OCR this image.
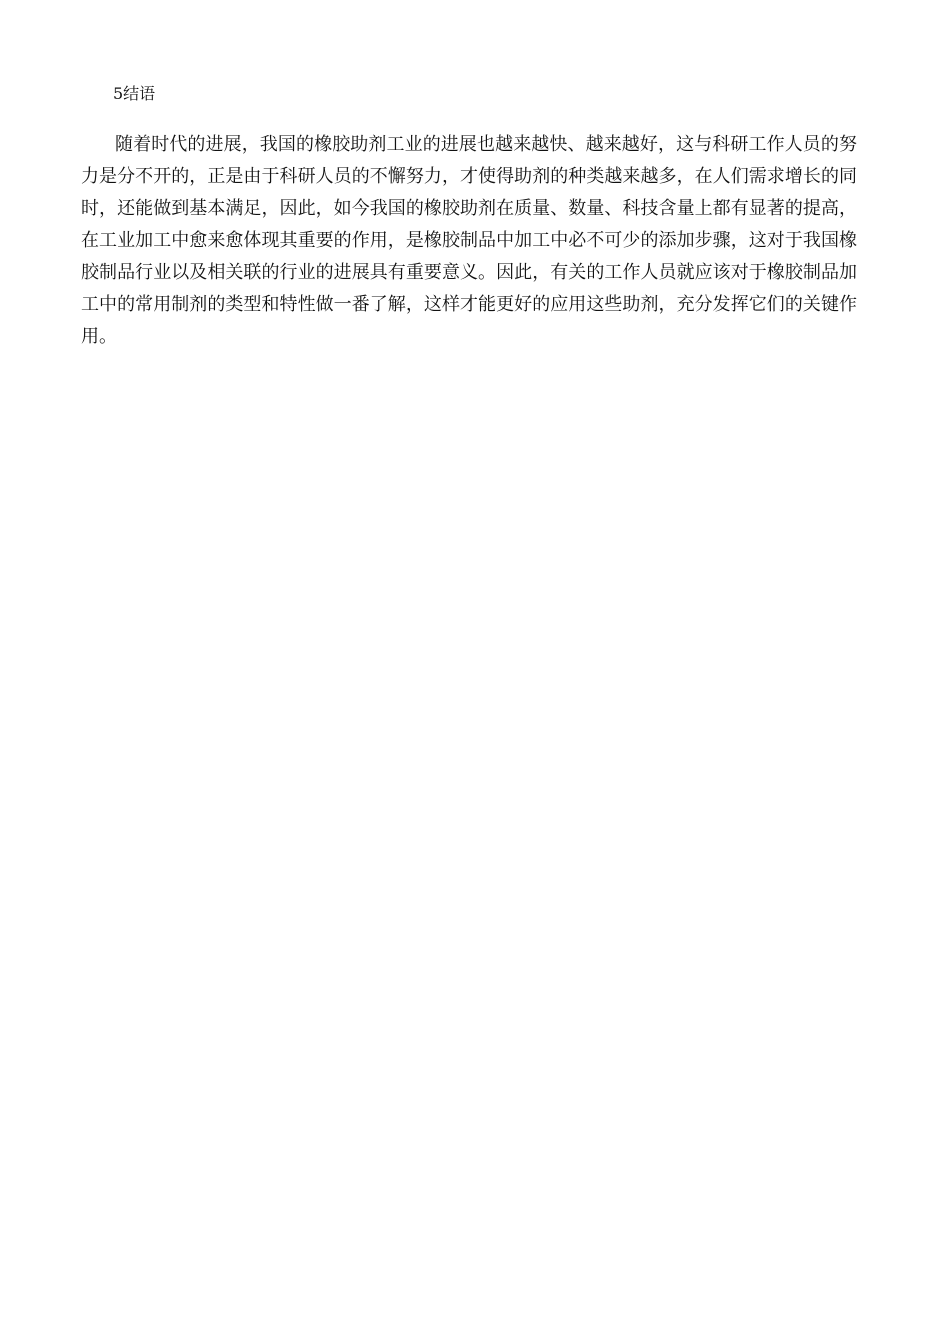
5结语

随着时代的进展，我国的橡胶助剂工业的进展也越来越快、越来越好，这与科研工作人员的努力是分不开的，正是由于科研人员的不懈努力，才使得助剂的种类越来越多，在人们需求增长的同时，还能做到基本满足，因此，如今我国的橡胶助剂在质量、数量、科技含量上都有显著的提高，在工业加工中愈来愈体现其重要的作用，是橡胶制品中加工中必不可少的添加步骤，这对于我国橡胶制品行业以及相关联的行业的进展具有重要意义。因此，有关的工作人员就应该对于橡胶制品加工中的常用制剂的类型和特性做一番了解，这样才能更好的应用这些助剂，充分发挥它们的关键作用。
